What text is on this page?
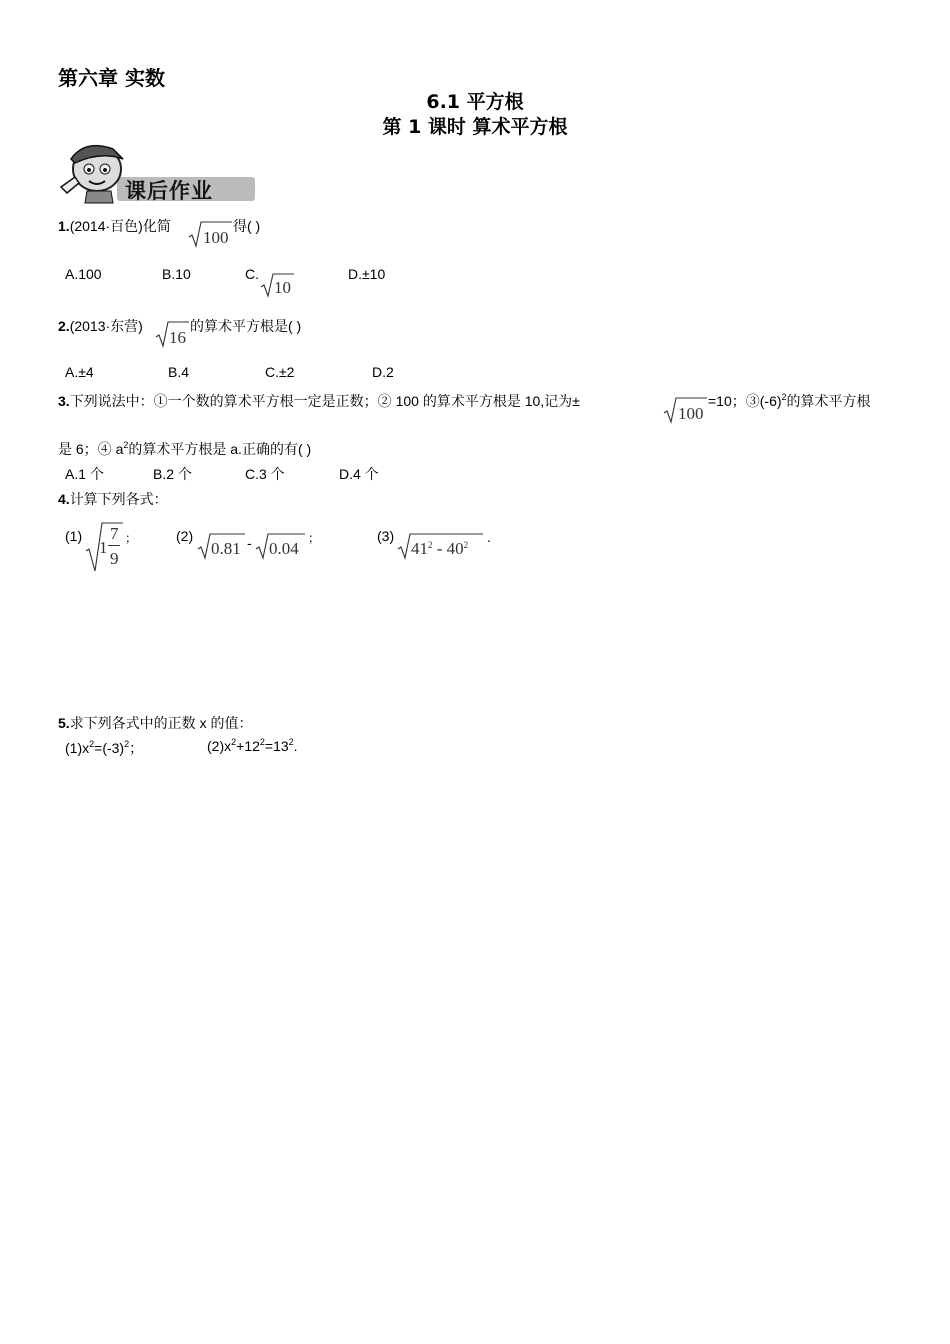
第六章 实数
6.1 平方根
第 1 课时 算术平方根
课后作业
1.(2014·百色)化简
100
得( )
A.100	B.10	C.
10
D.±10
2.(2013·东营)
16
的算术平方根是( )
A.±4	B.4	C.±2	D.2
3.下列说法中：①一个数的算术平方根一定是正数；② 100 的算术平方根是 10,记为±
100
=10；$③(-6)^2$的算术平方根
是 6；④ $a^2$的算术平方根是 a.正确的有( )
A.1 个	B.2 个	C.3 个	D.4 个
4.计算下列各式：
(1)
1
7
9
；	(2)
0.81 - 0.04
；	(3)
$41^2 - 40^2$ .
5.求下列各式中的正数 x 的值：
$(1)x^2=(-3)^2$；	$(2)x^2+12^2=13^2$.
